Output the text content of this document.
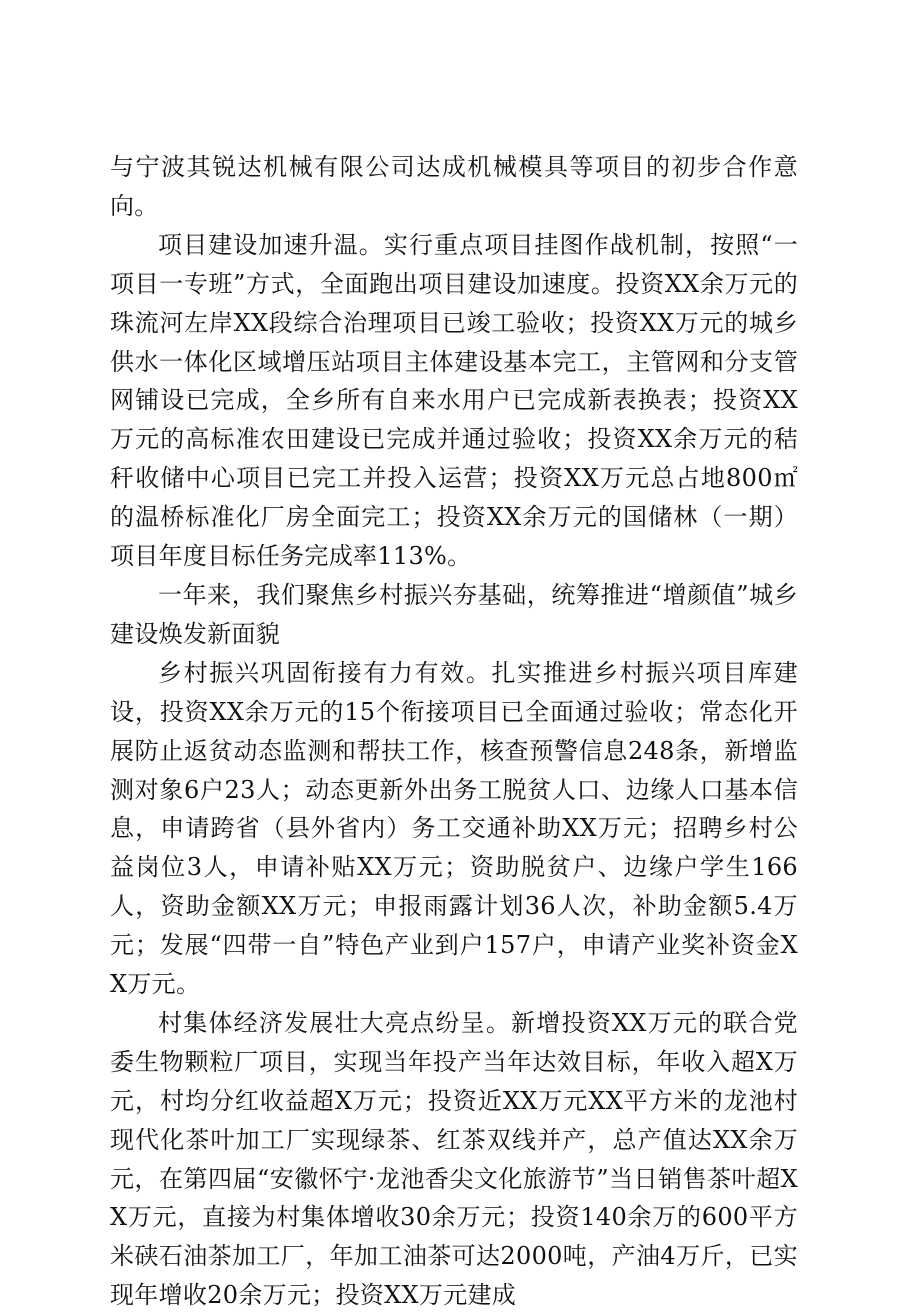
与宁波其锐达机械有限公司达成机械模具等项目的初步合作意向。

项目建设加速升温。实行重点项目挂图作战机制，按照“一项目一专班”方式，全面跑出项目建设加速度。投资XX余万元的珠流河左岸XX段综合治理项目已竣工验收；投资XX万元的城乡供水一体化区域增压站项目主体建设基本完工，主管网和分支管网铺设已完成，全乡所有自来水用户已完成新表换表；投资XX万元的高标准农田建设已完成并通过验收；投资XX余万元的秸秆收储中心项目已完工并投入运营；投资XX万元总占地800㎡的温桥标准化厂房全面完工；投资XX余万元的国储林（一期）项目年度目标任务完成率113%。

一年来，我们聚焦乡村振兴夯基础，统筹推进“增颜值”城乡建设焕发新面貌

乡村振兴巩固衔接有力有效。扎实推进乡村振兴项目库建设，投资XX余万元的15个衔接项目已全面通过验收；常态化开展防止返贫动态监测和帮扶工作，核查预警信息248条，新增监测对象6户23人；动态更新外出务工脱贫人口、边缘人口基本信息，申请跨省（县外省内）务工交通补助XX万元；招聘乡村公益岗位3人，申请补贴XX万元；资助脱贫户、边缘户学生166人，资助金额XX万元；申报雨露计划36人次，补助金额5.4万元；发展“四带一自”特色产业到户157户，申请产业奖补资金XX万元。

村集体经济发展壮大亮点纷呈。新增投资XX万元的联合党委生物颗粒厂项目，实现当年投产当年达效目标，年收入超X万元，村均分红收益超X万元；投资近XX万元XX平方米的龙池村现代化茶叶加工厂实现绿茶、红茶双线并产，总产值达XX余万元，在第四届“安徽怀宁·龙池香尖文化旅游节”当日销售茶叶超XX万元，直接为村集体增收30余万元；投资140余万的600平方米硖石油茶加工厂，年加工油茶可达2000吨，产油4万斤，已实现年增收20余万元；投资XX万元建成
